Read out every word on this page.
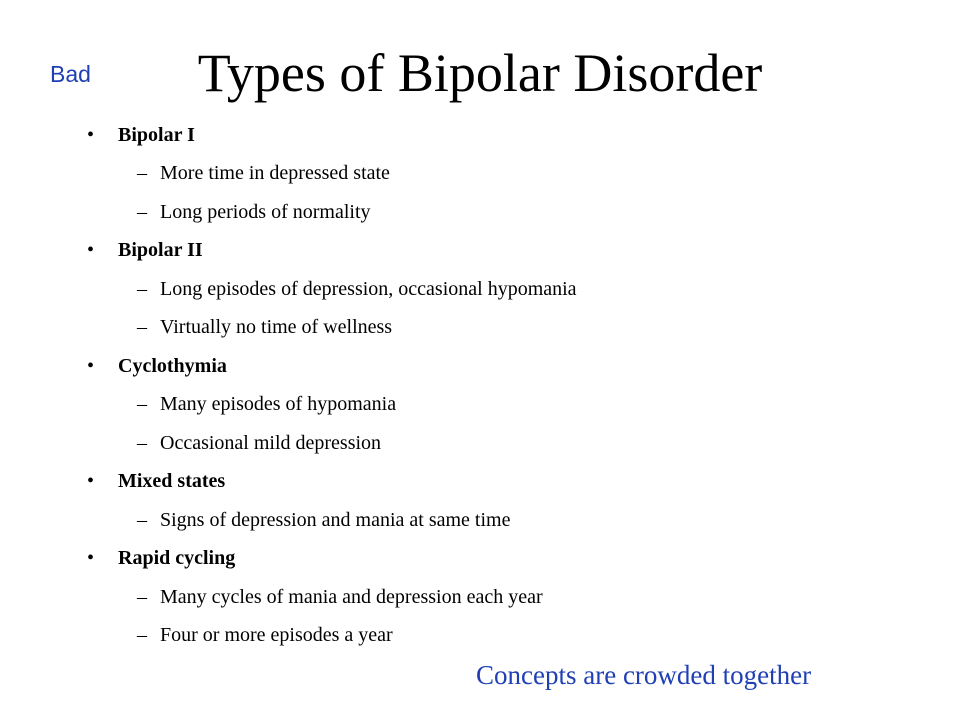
Bad	Types of Bipolar Disorder
• Bipolar I
– More time in depressed state
– Long periods of normality
• Bipolar II
– Long episodes of depression, occasional hypomania
– Virtually no time of wellness
• Cyclothymia
– Many episodes of hypomania
– Occasional mild depression
• Mixed states
– Signs of depression and mania at same time
• Rapid cycling
– Many cycles of mania and depression each year
– Four or more episodes a year
Concepts are crowded together
